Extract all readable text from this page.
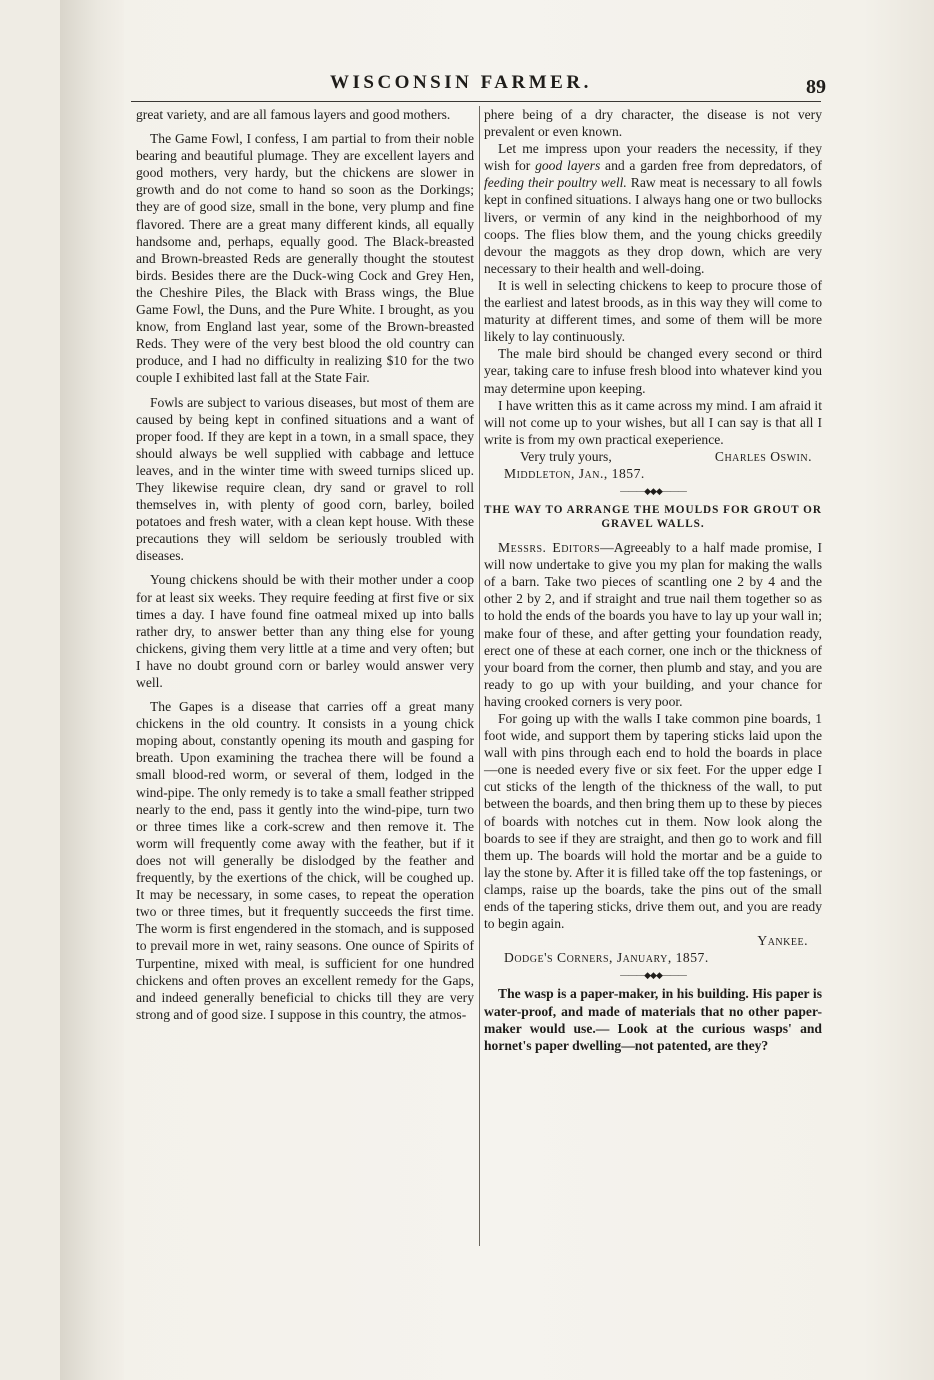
WISCONSIN FARMER.	89

great variety, and are all famous layers and good mothers.

The Game Fowl, I confess, I am partial to from their noble bearing and beautiful plumage. They are excellent layers and good mothers, very hardy, but the chickens are slower in growth and do not come to hand so soon as the Dorkings; they are of good size, small in the bone, very plump and fine flavored. There are a great many different kinds, all equally handsome and, perhaps, equally good. The Black-breasted and Brown-breasted Reds are generally thought the stoutest birds. Besides there are the Duck-wing Cock and Grey Hen, the Cheshire Piles, the Black with Brass wings, the Blue Game Fowl, the Duns, and the Pure White. I brought, as you know, from England last year, some of the Brown-breasted Reds. They were of the very best blood the old country can produce, and I had no difficulty in realizing $10 for the two couple I exhibited last fall at the State Fair.

Fowls are subject to various diseases, but most of them are caused by being kept in confined situations and a want of proper food. If they are kept in a town, in a small space, they should always be well supplied with cabbage and lettuce leaves, and in the winter time with sweed turnips sliced up. They likewise require clean, dry sand or gravel to roll themselves in, with plenty of good corn, barley, boiled potatoes and fresh water, with a clean kept house. With these precautions they will seldom be seriously troubled with diseases.

Young chickens should be with their mother under a coop for at least six weeks. They require feeding at first five or six times a day. I have found fine oatmeal mixed up into balls rather dry, to answer better than any thing else for young chickens, giving them very little at a time and very often; but I have no doubt ground corn or barley would answer very well.

The Gapes is a disease that carries off a great many chickens in the old country. It consists in a young chick moping about, constantly opening its mouth and gasping for breath. Upon examining the trachea there will be found a small blood-red worm, or several of them, lodged in the wind-pipe. The only remedy is to take a small feather stripped nearly to the end, pass it gently into the wind-pipe, turn two or three times like a cork-screw and then remove it. The worm will frequently come away with the feather, but if it does not will generally be dislodged by the feather and frequently, by the exertions of the chick, will be coughed up. It may be necessary, in some cases, to repeat the operation two or three times, but it frequently succeeds the first time. The worm is first engendered in the stomach, and is supposed to prevail more in wet, rainy seasons. One ounce of Spirits of Turpentine, mixed with meal, is sufficient for one hundred chickens and often proves an excellent remedy for the Gaps, and indeed generally beneficial to chicks till they are very strong and of good size. I suppose in this country, the atmos-

phere being of a dry character, the disease is not very prevalent or even known.

Let me impress upon your readers the necessity, if they wish for good layers and a garden free from depredators, of feeding their poultry well. Raw meat is necessary to all fowls kept in confined situations. I always hang one or two bullocks livers, or vermin of any kind in the neighborhood of my coops. The flies blow them, and the young chicks greedily devour the maggots as they drop down, which are very necessary to their health and well-doing.

It is well in selecting chickens to keep to procure those of the earliest and latest broods, as in this way they will come to maturity at different times, and some of them will be more likely to lay continuously.

The male bird should be changed every second or third year, taking care to infuse fresh blood into whatever kind you may determine upon keeping.

I have written this as it came across my mind. I am afraid it will not come up to your wishes, but all I can say is that all I write is from my own practical exeperience.

Very truly yours,	Charles Oswin.
Middleton, Jan., 1857.
———◆◆◆———
THE WAY TO ARRANGE THE MOULDS FOR GROUT OR GRAVEL WALLS.

Messrs. Editors—Agreeably to a half made promise, I will now undertake to give you my plan for making the walls of a barn. Take two pieces of scantling one 2 by 4 and the other 2 by 2, and if straight and true nail them together so as to hold the ends of the boards you have to lay up your wall in; make four of these, and after getting your foundation ready, erect one of these at each corner, one inch or the thickness of your board from the corner, then plumb and stay, and you are ready to go up with your building, and your chance for having crooked corners is very poor.

For going up with the walls I take common pine boards, 1 foot wide, and support them by tapering sticks laid upon the wall with pins through each end to hold the boards in place —one is needed every five or six feet. For the upper edge I cut sticks of the length of the thickness of the wall, to put between the boards, and then bring them up to these by pieces of boards with notches cut in them. Now look along the boards to see if they are straight, and then go to work and fill them up. The boards will hold the mortar and be a guide to lay the stone by. After it is filled take off the top fastenings, or clamps, raise up the boards, take the pins out of the small ends of the tapering sticks, drive them out, and you are ready to begin again.

Yankee.
Dodge's Corners, January, 1857.
———◆◆◆———

The wasp is a paper-maker, in his building. His paper is water-proof, and made of materials that no other paper-maker would use.— Look at the curious wasps' and hornet's paper dwelling—not patented, are they?
